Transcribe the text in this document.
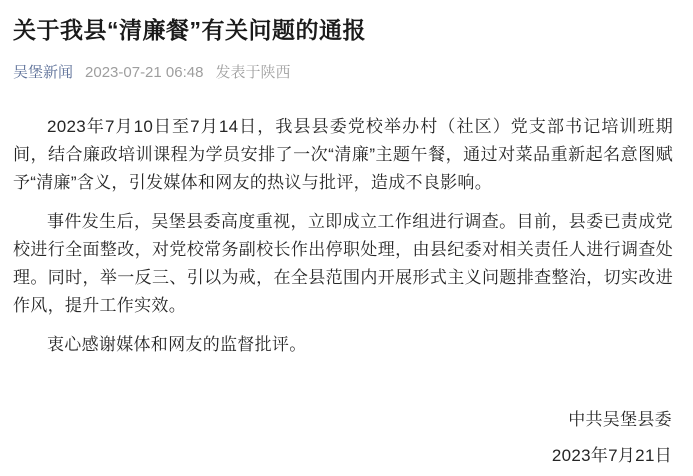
关于我县“清廉餐”有关问题的通报
吴堡新闻 2023-07-21 06:48 发表于陕西

2023年7月10日至7月14日，我县县委党校举办村（社区）党支部书记培训班期间，结合廉政培训课程为学员安排了一次“清廉”主题午餐，通过对菜品重新起名意图赋予“清廉”含义，引发媒体和网友的热议与批评，造成不良影响。

事件发生后，吴堡县委高度重视，立即成立工作组进行调查。目前，县委已责成党校进行全面整改，对党校常务副校长作出停职处理，由县纪委对相关责任人进行调查处理。同时，举一反三、引以为戒，在全县范围内开展形式主义问题排查整治，切实改进作风，提升工作实效。

衷心感谢媒体和网友的监督批评。

中共吴堡县委
2023年7月21日
